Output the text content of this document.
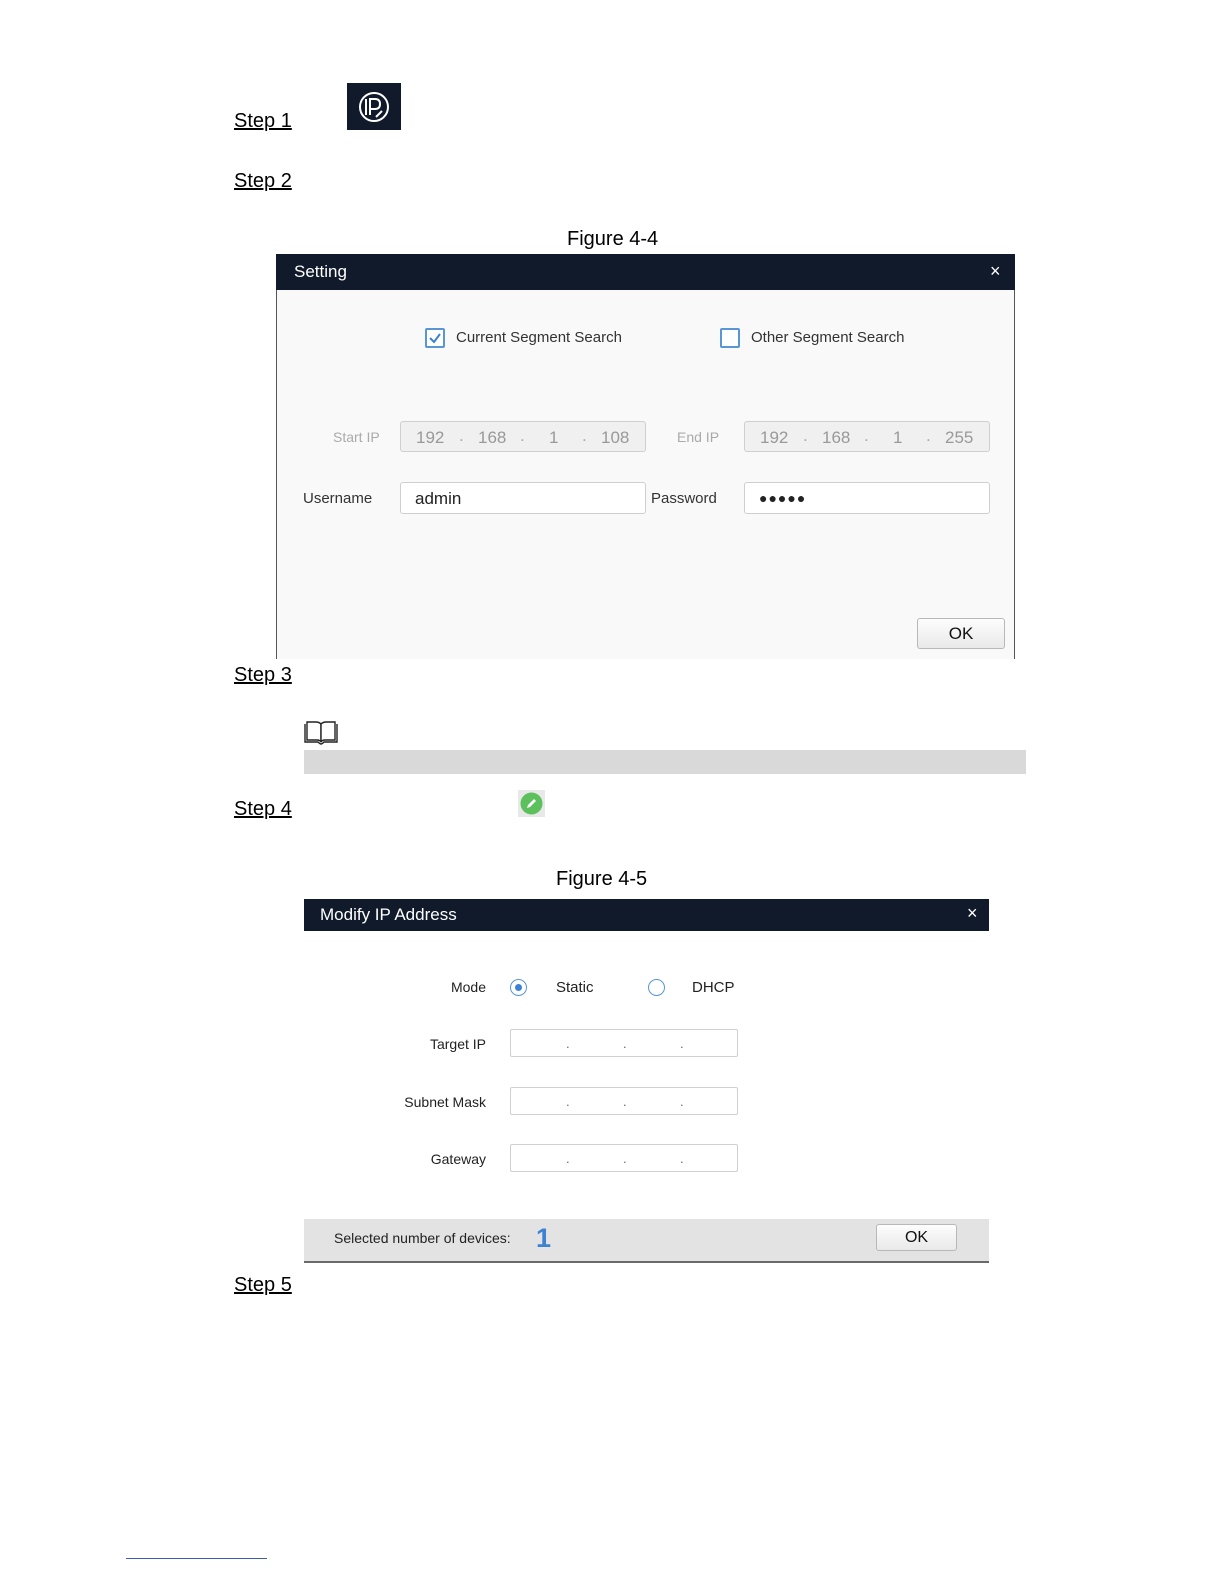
Step 1
Step 2
Figure 4-4
Setting	×
Current Segment Search	Other Segment Search
Start IP 192 . 168 . 1 . 108	End IP 192 . 168 . 1 . 255
Username	admin	Password	●●●●●
OK
Step 3
Step 4
Figure 4-5
Modify IP Address	×
Mode	Static	DHCP
Target IP	.	.	.
Subnet Mask	.	.	.
Gateway	.	.	.
Selected number of devices: 1	OK
Step 5
